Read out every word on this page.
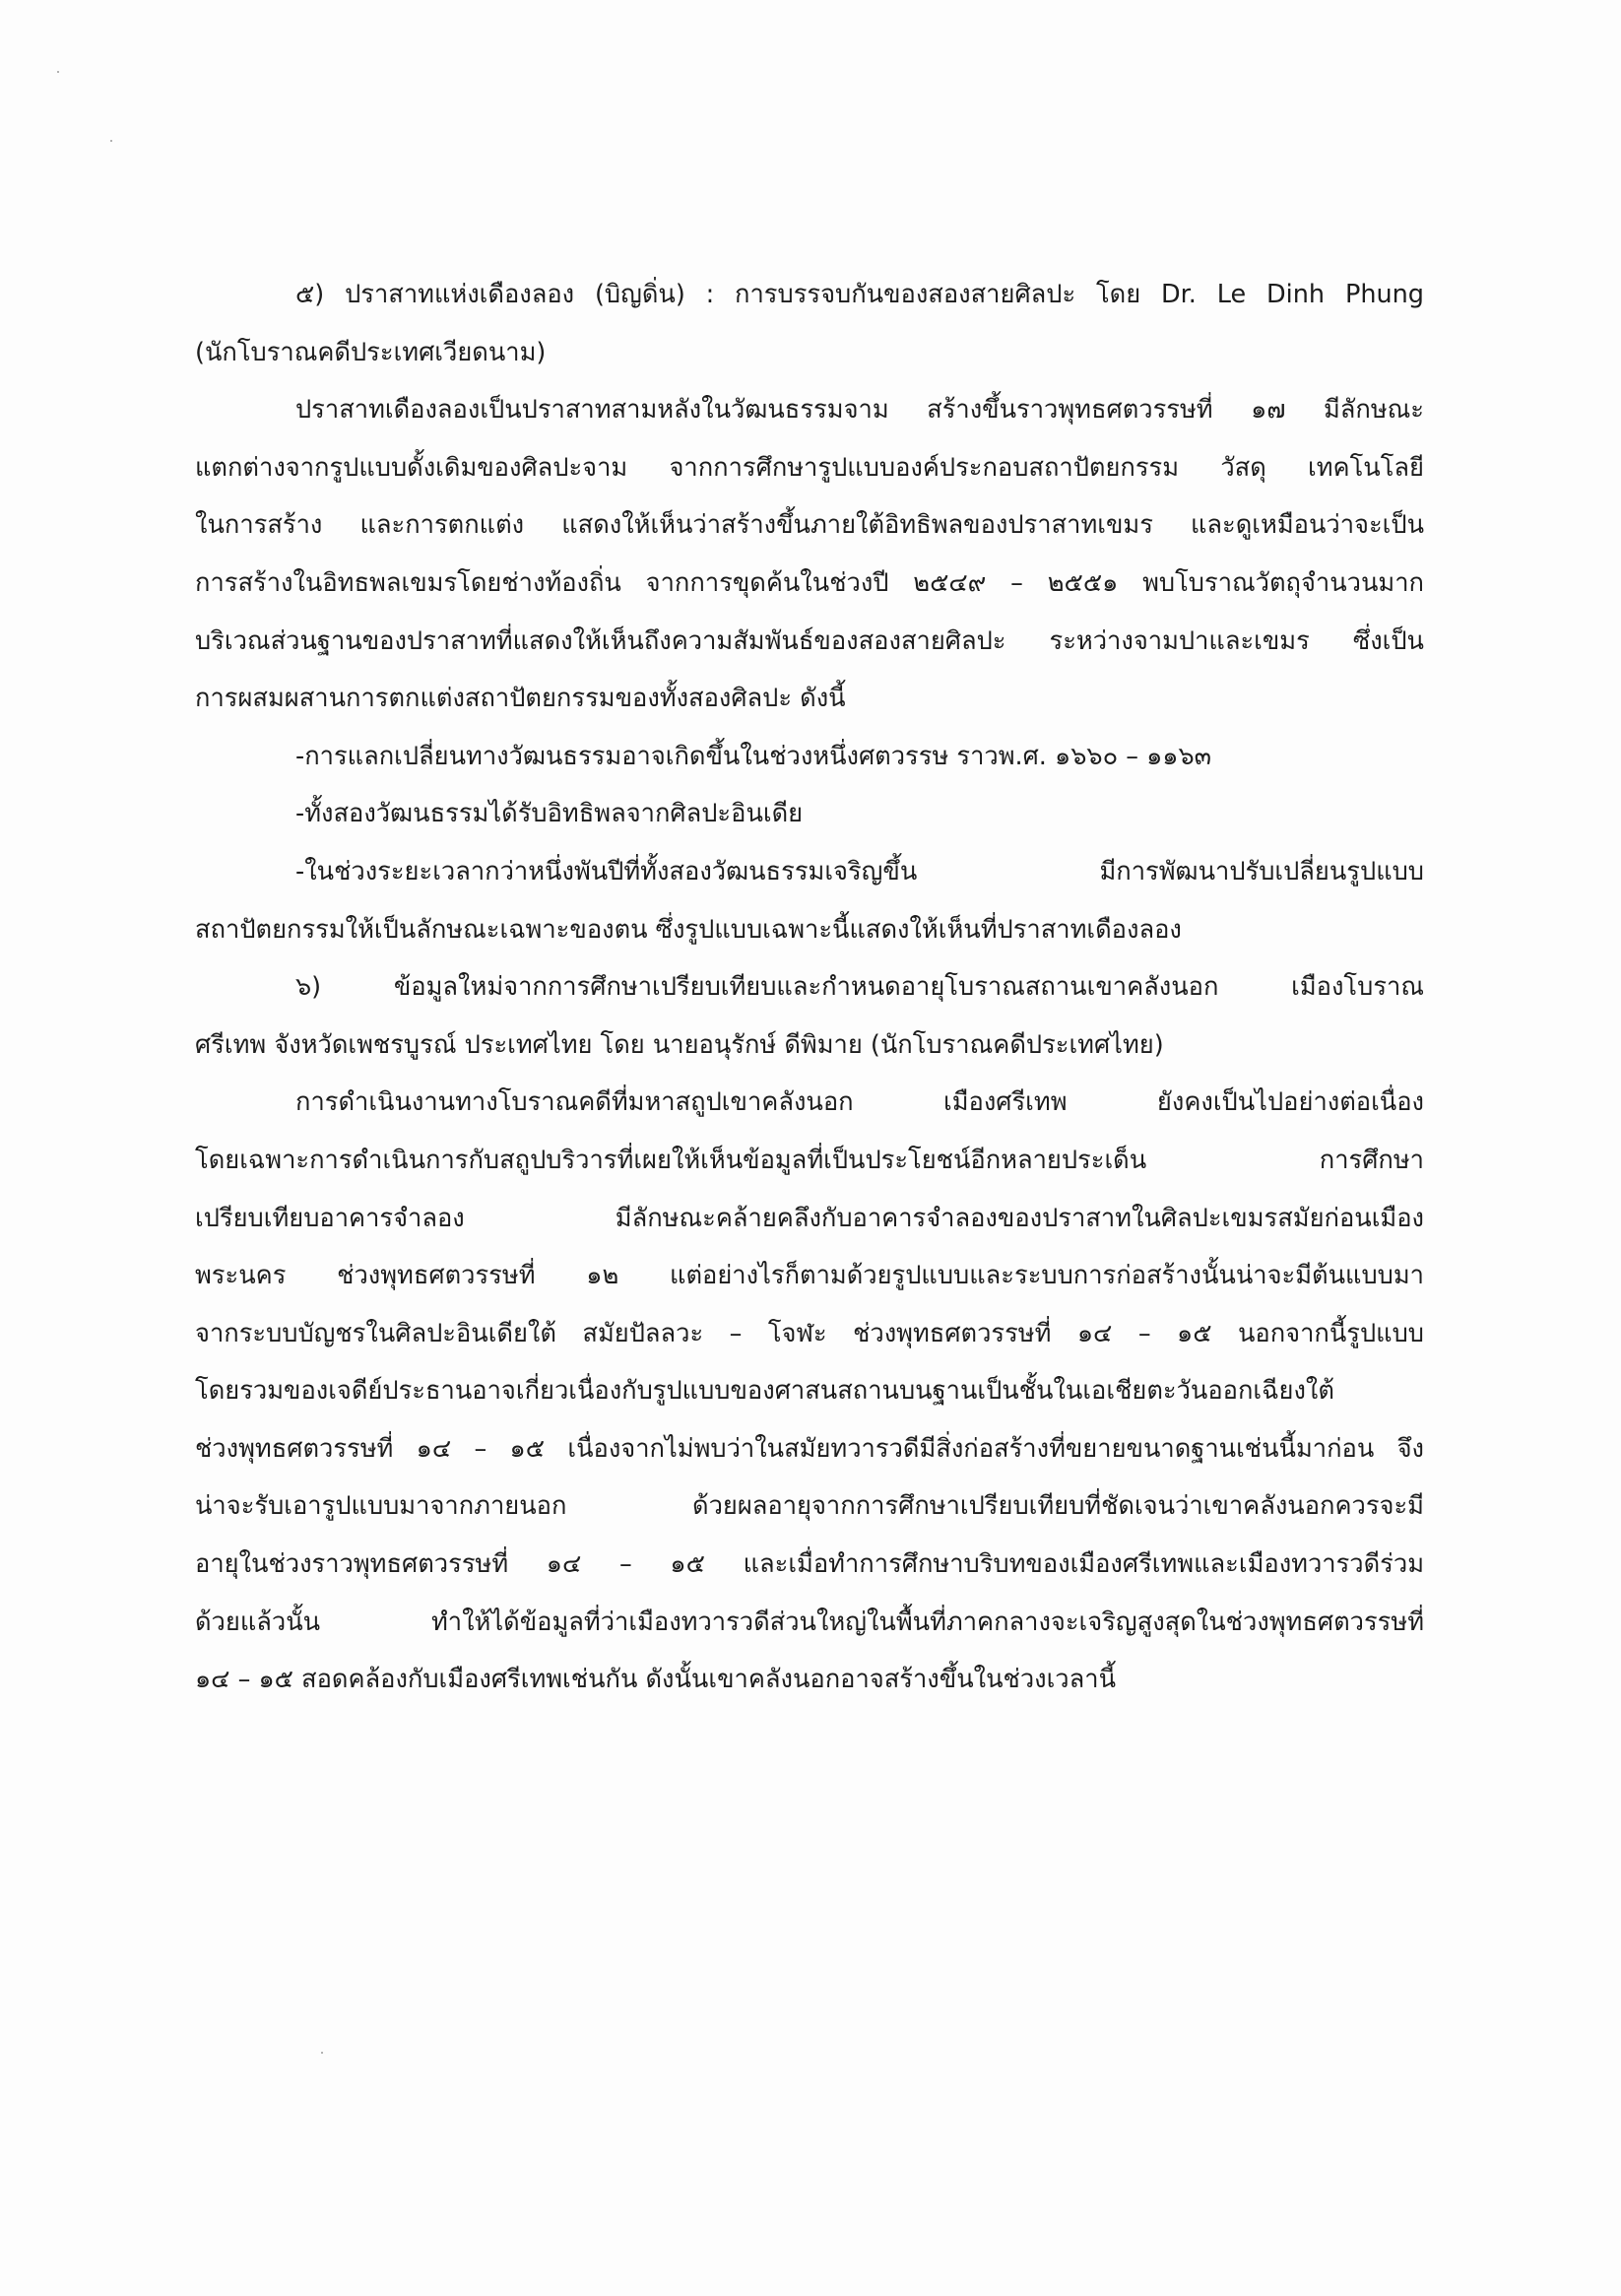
๕) ปราสาทแห่งเดืองลอง (บิญดิ่น) : การบรรจบกันของสองสายศิลปะ โดย Dr. Le Dinh Phung
(นักโบราณคดีประเทศเวียดนาม)
ปราสาทเดืองลองเป็นปราสาทสามหลังในวัฒนธรรมจาม สร้างขึ้นราวพุทธศตวรรษที่ ๑๗ มีลักษณะ
แตกต่างจากรูปแบบดั้งเดิมของศิลปะจาม จากการศึกษารูปแบบองค์ประกอบสถาปัตยกรรม วัสดุ เทคโนโลยี
ในการสร้าง และการตกแต่ง แสดงให้เห็นว่าสร้างขึ้นภายใต้อิทธิพลของปราสาทเขมร และดูเหมือนว่าจะเป็น
การสร้างในอิทธพลเขมรโดยช่างท้องถิ่น จากการขุดค้นในช่วงปี ๒๕๔๙ – ๒๕๕๑ พบโบราณวัตถุจำนวนมาก
บริเวณส่วนฐานของปราสาทที่แสดงให้เห็นถึงความสัมพันธ์ของสองสายศิลปะ ระหว่างจามปาและเขมร ซึ่งเป็น
การผสมผสานการตกแต่งสถาปัตยกรรมของทั้งสองศิลปะ ดังนี้
-การแลกเปลี่ยนทางวัฒนธรรมอาจเกิดขึ้นในช่วงหนึ่งศตวรรษ ราวพ.ศ. ๑๖๖๐ – ๑๑๖๓
-ทั้งสองวัฒนธรรมได้รับอิทธิพลจากศิลปะอินเดีย
-ในช่วงระยะเวลากว่าหนึ่งพันปีที่ทั้งสองวัฒนธรรมเจริญขึ้น มีการพัฒนาปรับเปลี่ยนรูปแบบ
สถาปัตยกรรมให้เป็นลักษณะเฉพาะของตน ซึ่งรูปแบบเฉพาะนี้แสดงให้เห็นที่ปราสาทเดืองลอง
๖) ข้อมูลใหม่จากการศึกษาเปรียบเทียบและกำหนดอายุโบราณสถานเขาคลังนอก เมืองโบราณ
ศรีเทพ จังหวัดเพชรบูรณ์ ประเทศไทย โดย นายอนุรักษ์ ดีพิมาย (นักโบราณคดีประเทศไทย)
การดำเนินงานทางโบราณคดีที่มหาสถูปเขาคลังนอก เมืองศรีเทพ ยังคงเป็นไปอย่างต่อเนื่อง
โดยเฉพาะการดำเนินการกับสถูปบริวารที่เผยให้เห็นข้อมูลที่เป็นประโยชน์อีกหลายประเด็น การศึกษา
เปรียบเทียบอาคารจำลอง มีลักษณะคล้ายคลึงกับอาคารจำลองของปราสาทในศิลปะเขมรสมัยก่อนเมือง
พระนคร ช่วงพุทธศตวรรษที่ ๑๒ แต่อย่างไรก็ตามด้วยรูปแบบและระบบการก่อสร้างนั้นน่าจะมีต้นแบบมา
จากระบบบัญชรในศิลปะอินเดียใต้ สมัยปัลลวะ – โจฬะ ช่วงพุทธศตวรรษที่ ๑๔ – ๑๕ นอกจากนี้รูปแบบ
โดยรวมของเจดีย์ประธานอาจเกี่ยวเนื่องกับรูปแบบของศาสนสถานบนฐานเป็นชั้นในเอเชียตะวันออกเฉียงใต้
ช่วงพุทธศตวรรษที่ ๑๔ – ๑๕ เนื่องจากไม่พบว่าในสมัยทวารวดีมีสิ่งก่อสร้างที่ขยายขนาดฐานเช่นนี้มาก่อน จึง
น่าจะรับเอารูปแบบมาจากภายนอก ด้วยผลอายุจากการศึกษาเปรียบเทียบที่ชัดเจนว่าเขาคลังนอกควรจะมี
อายุในช่วงราวพุทธศตวรรษที่ ๑๔ – ๑๕ และเมื่อทำการศึกษาบริบทของเมืองศรีเทพและเมืองทวารวดีร่วม
ด้วยแล้วนั้น ทำให้ได้ข้อมูลที่ว่าเมืองทวารวดีส่วนใหญ่ในพื้นที่ภาคกลางจะเจริญสูงสุดในช่วงพุทธศตวรรษที่
๑๔ – ๑๕ สอดคล้องกับเมืองศรีเทพเช่นกัน ดังนั้นเขาคลังนอกอาจสร้างขึ้นในช่วงเวลานี้
